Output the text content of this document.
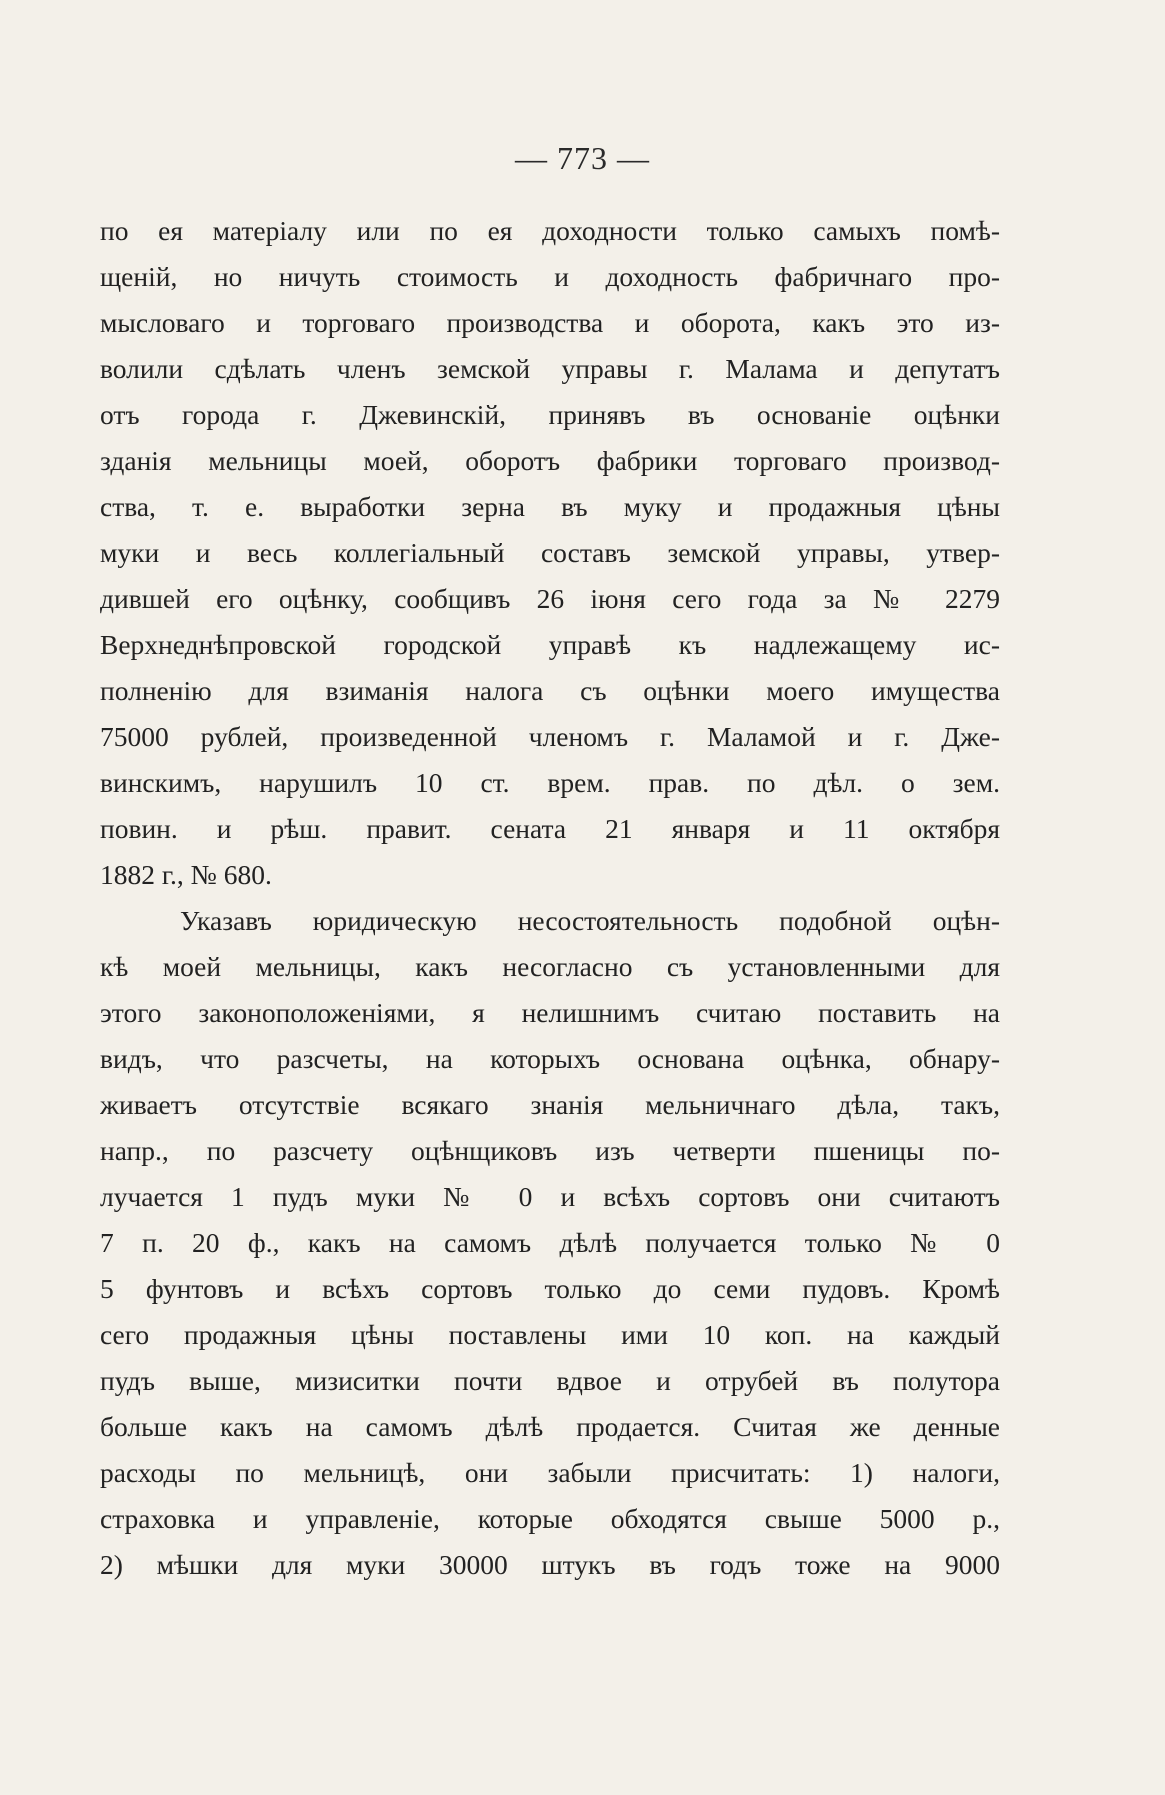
— 773 —
по ея матеріалу или по ея доходности только самыхъ помѣ-
щеній, но ничуть стоимость и доходность фабричнаго про-
мысловаго и торговаго производства и оборота, какъ это из-
волили сдѣлать членъ земской управы г. Малама и депутатъ
отъ города г. Джевинскій, принявъ въ основаніе оцѣнки
зданія мельницы моей, оборотъ фабрики торговаго производ-
ства, т. е. выработки зерна въ муку и продажныя цѣны
муки и весь коллегіальный составъ земской управы, утвер-
дившей его оцѣнку, сообщивъ 26 іюня сего года за № 2279
Верхнеднѣпровской городской управѣ къ надлежащему ис-
полненію для взиманія налога съ оцѣнки моего имущества
75000 рублей, произведенной членомъ г. Маламой и г. Дже-
винскимъ, нарушилъ 10 ст. врем. прав. по дѣл. о зем.
повин. и рѣш. правит. сената 21 января и 11 октября
1882 г., № 680.
Указавъ юридическую несостоятельность подобной оцѣн-
кѣ моей мельницы, какъ несогласно съ установленными для
этого законоположеніями, я нелишнимъ считаю поставить на
видъ, что разсчеты, на которыхъ основана оцѣнка, обнару-
живаетъ отсутствіе всякаго знанія мельничнаго дѣла, такъ,
напр., по разсчету оцѣнщиковъ изъ четверти пшеницы по-
лучается 1 пудъ муки № 0 и всѣхъ сортовъ они считаютъ
7 п. 20 ф., какъ на самомъ дѣлѣ получается только № 0
5 фунтовъ и всѣхъ сортовъ только до семи пудовъ. Кромѣ
сего продажныя цѣны поставлены ими 10 коп. на каждый
пудъ выше, мизиситки почти вдвое и отрубей въ полутора
больше какъ на самомъ дѣлѣ продается. Считая же денные
расходы по мельницѣ, они забыли присчитать: 1) налоги,
страховка и управленіе, которые обходятся свыше 5000 р.,
2) мѣшки для муки 30000 штукъ въ годъ тоже на 9000
